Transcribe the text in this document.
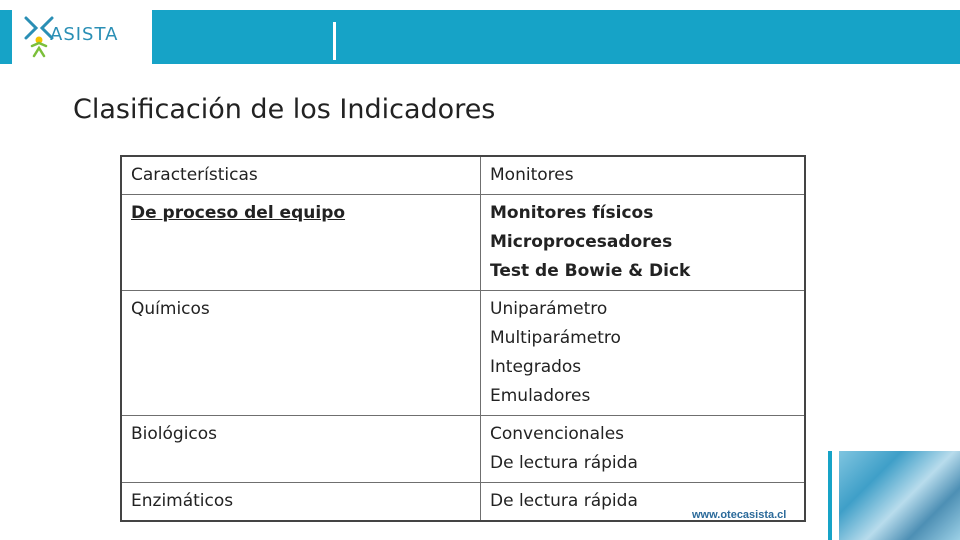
ASISTA
Clasificación de los Indicadores
Características	Monitores
De proceso del equipo	Monitores físicos
Microprocesadores
Test de Bowie & Dick

Químicos	Uniparámetro
Multiparámetro
Integrados
Emuladores

Biológicos	Convencionales
De lectura rápida

Enzimáticos	De lectura rápida
www.otecasista.cl
